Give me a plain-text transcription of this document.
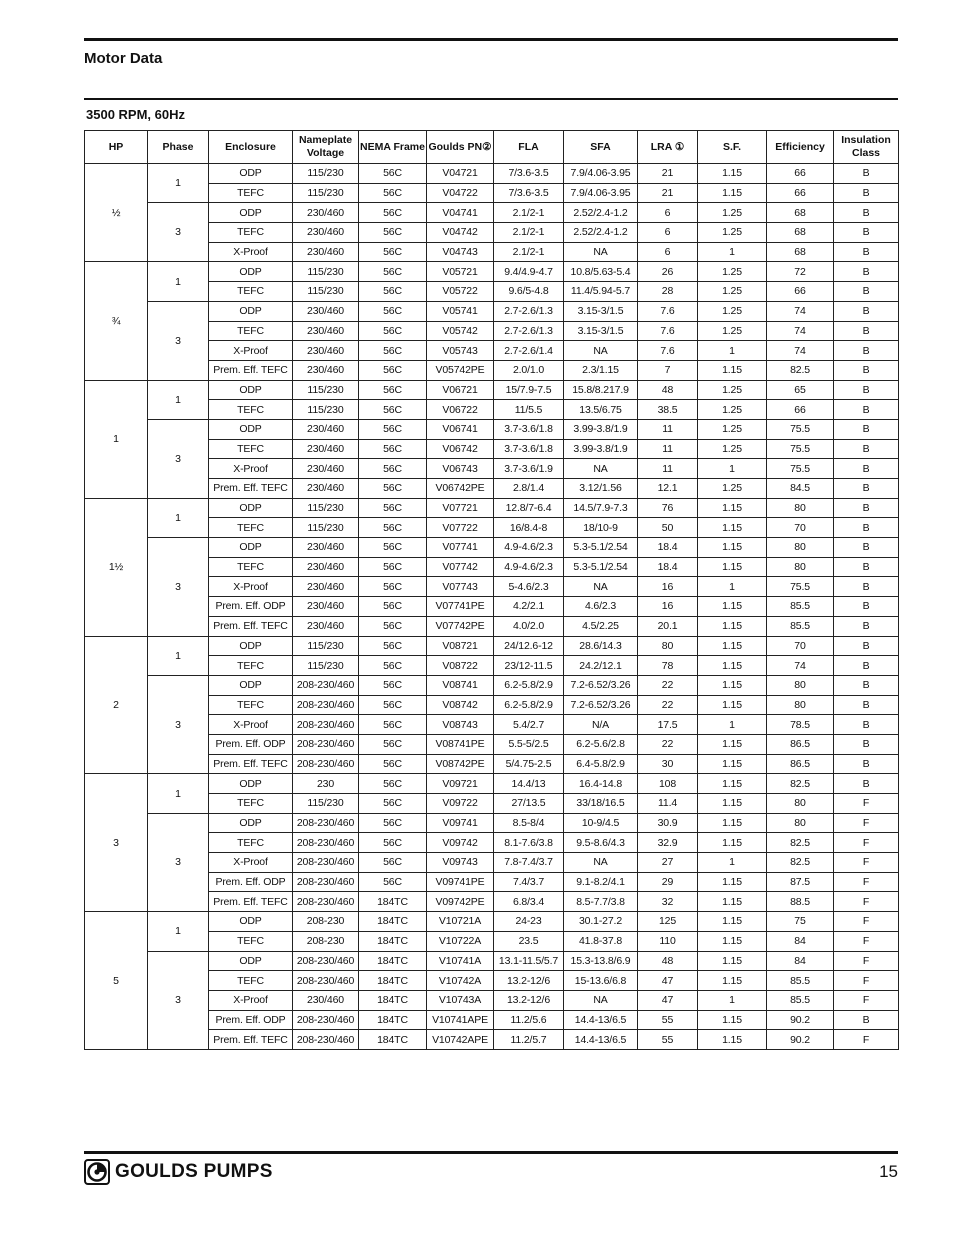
Motor Data
3500 RPM, 60Hz
HP	Phase	Enclosure	Nameplate Voltage	NEMA Frame	Goulds PN②	FLA	SFA	LRA ①	S.F.	Efficiency	Insulation Class
½	1	ODP	115/230	56C	V04721	7/3.6-3.5	7.9/4.06-3.95	21	1.15	66	B
		TEFC	115/230	56C	V04722	7/3.6-3.5	7.9/4.06-3.95	21	1.15	66	B
	3	ODP	230/460	56C	V04741	2.1/2-1	2.52/2.4-1.2	6	1.25	68	B
		TEFC	230/460	56C	V04742	2.1/2-1	2.52/2.4-1.2	6	1.25	68	B
		X-Proof	230/460	56C	V04743	2.1/2-1	NA	6	1	68	B
¾	1	ODP	115/230	56C	V05721	9.4/4.9-4.7	10.8/5.63-5.4	26	1.25	72	B
		TEFC	115/230	56C	V05722	9.6/5-4.8	11.4/5.94-5.7	28	1.25	66	B
	3	ODP	230/460	56C	V05741	2.7-2.6/1.3	3.15-3/1.5	7.6	1.25	74	B
		TEFC	230/460	56C	V05742	2.7-2.6/1.3	3.15-3/1.5	7.6	1.25	74	B
		X-Proof	230/460	56C	V05743	2.7-2.6/1.4	NA	7.6	1	74	B
		Prem. Eff. TEFC	230/460	56C	V05742PE	2.0/1.0	2.3/1.15	7	1.15	82.5	B
1	1	ODP	115/230	56C	V06721	15/7.9-7.5	15.8/8.217.9	48	1.25	65	B
		TEFC	115/230	56C	V06722	11/5.5	13.5/6.75	38.5	1.25	66	B
	3	ODP	230/460	56C	V06741	3.7-3.6/1.8	3.99-3.8/1.9	11	1.25	75.5	B
		TEFC	230/460	56C	V06742	3.7-3.6/1.8	3.99-3.8/1.9	11	1.25	75.5	B
		X-Proof	230/460	56C	V06743	3.7-3.6/1.9	NA	11	1	75.5	B
		Prem. Eff. TEFC	230/460	56C	V06742PE	2.8/1.4	3.12/1.56	12.1	1.25	84.5	B
1½	1	ODP	115/230	56C	V07721	12.8/7-6.4	14.5/7.9-7.3	76	1.15	80	B
		TEFC	115/230	56C	V07722	16/8.4-8	18/10-9	50	1.15	70	B
	3	ODP	230/460	56C	V07741	4.9-4.6/2.3	5.3-5.1/2.54	18.4	1.15	80	B
		TEFC	230/460	56C	V07742	4.9-4.6/2.3	5.3-5.1/2.54	18.4	1.15	80	B
		X-Proof	230/460	56C	V07743	5-4.6/2.3	NA	16	1	75.5	B
		Prem. Eff. ODP	230/460	56C	V07741PE	4.2/2.1	4.6/2.3	16	1.15	85.5	B
		Prem. Eff. TEFC	230/460	56C	V07742PE	4.0/2.0	4.5/2.25	20.1	1.15	85.5	B
2	1	ODP	115/230	56C	V08721	24/12.6-12	28.6/14.3	80	1.15	70	B
		TEFC	115/230	56C	V08722	23/12-11.5	24.2/12.1	78	1.15	74	B
	3	ODP	208-230/460	56C	V08741	6.2-5.8/2.9	7.2-6.52/3.26	22	1.15	80	B
		TEFC	208-230/460	56C	V08742	6.2-5.8/2.9	7.2-6.52/3.26	22	1.15	80	B
		X-Proof	208-230/460	56C	V08743	5.4/2.7	N/A	17.5	1	78.5	B
		Prem. Eff. ODP	208-230/460	56C	V08741PE	5.5-5/2.5	6.2-5.6/2.8	22	1.15	86.5	B
		Prem. Eff. TEFC	208-230/460	56C	V08742PE	5/4.75-2.5	6.4-5.8/2.9	30	1.15	86.5	B
3	1	ODP	230	56C	V09721	14.4/13	16.4-14.8	108	1.15	82.5	B
		TEFC	115/230	56C	V09722	27/13.5	33/18/16.5	11.4	1.15	80	F
	3	ODP	208-230/460	56C	V09741	8.5-8/4	10-9/4.5	30.9	1.15	80	F
		TEFC	208-230/460	56C	V09742	8.1-7.6/3.8	9.5-8.6/4.3	32.9	1.15	82.5	F
		X-Proof	208-230/460	56C	V09743	7.8-7.4/3.7	NA	27	1	82.5	F
		Prem. Eff. ODP	208-230/460	56C	V09741PE	7.4/3.7	9.1-8.2/4.1	29	1.15	87.5	F
		Prem. Eff. TEFC	208-230/460	184TC	V09742PE	6.8/3.4	8.5-7.7/3.8	32	1.15	88.5	F
5	1	ODP	208-230	184TC	V10721A	24-23	30.1-27.2	125	1.15	75	F
		TEFC	208-230	184TC	V10722A	23.5	41.8-37.8	110	1.15	84	F
	3	ODP	208-230/460	184TC	V10741A	13.1-11.5/5.7	15.3-13.8/6.9	48	1.15	84	F
		TEFC	208-230/460	184TC	V10742A	13.2-12/6	15-13.6/6.8	47	1.15	85.5	F
		X-Proof	230/460	184TC	V10743A	13.2-12/6	NA	47	1	85.5	F
		Prem. Eff. ODP	208-230/460	184TC	V10741APE	11.2/5.6	14.4-13/6.5	55	1.15	90.2	B
		Prem. Eff. TEFC	208-230/460	184TC	V10742APE	11.2/5.7	14.4-13/6.5	55	1.15	90.2	F
GOULDS PUMPS	15
